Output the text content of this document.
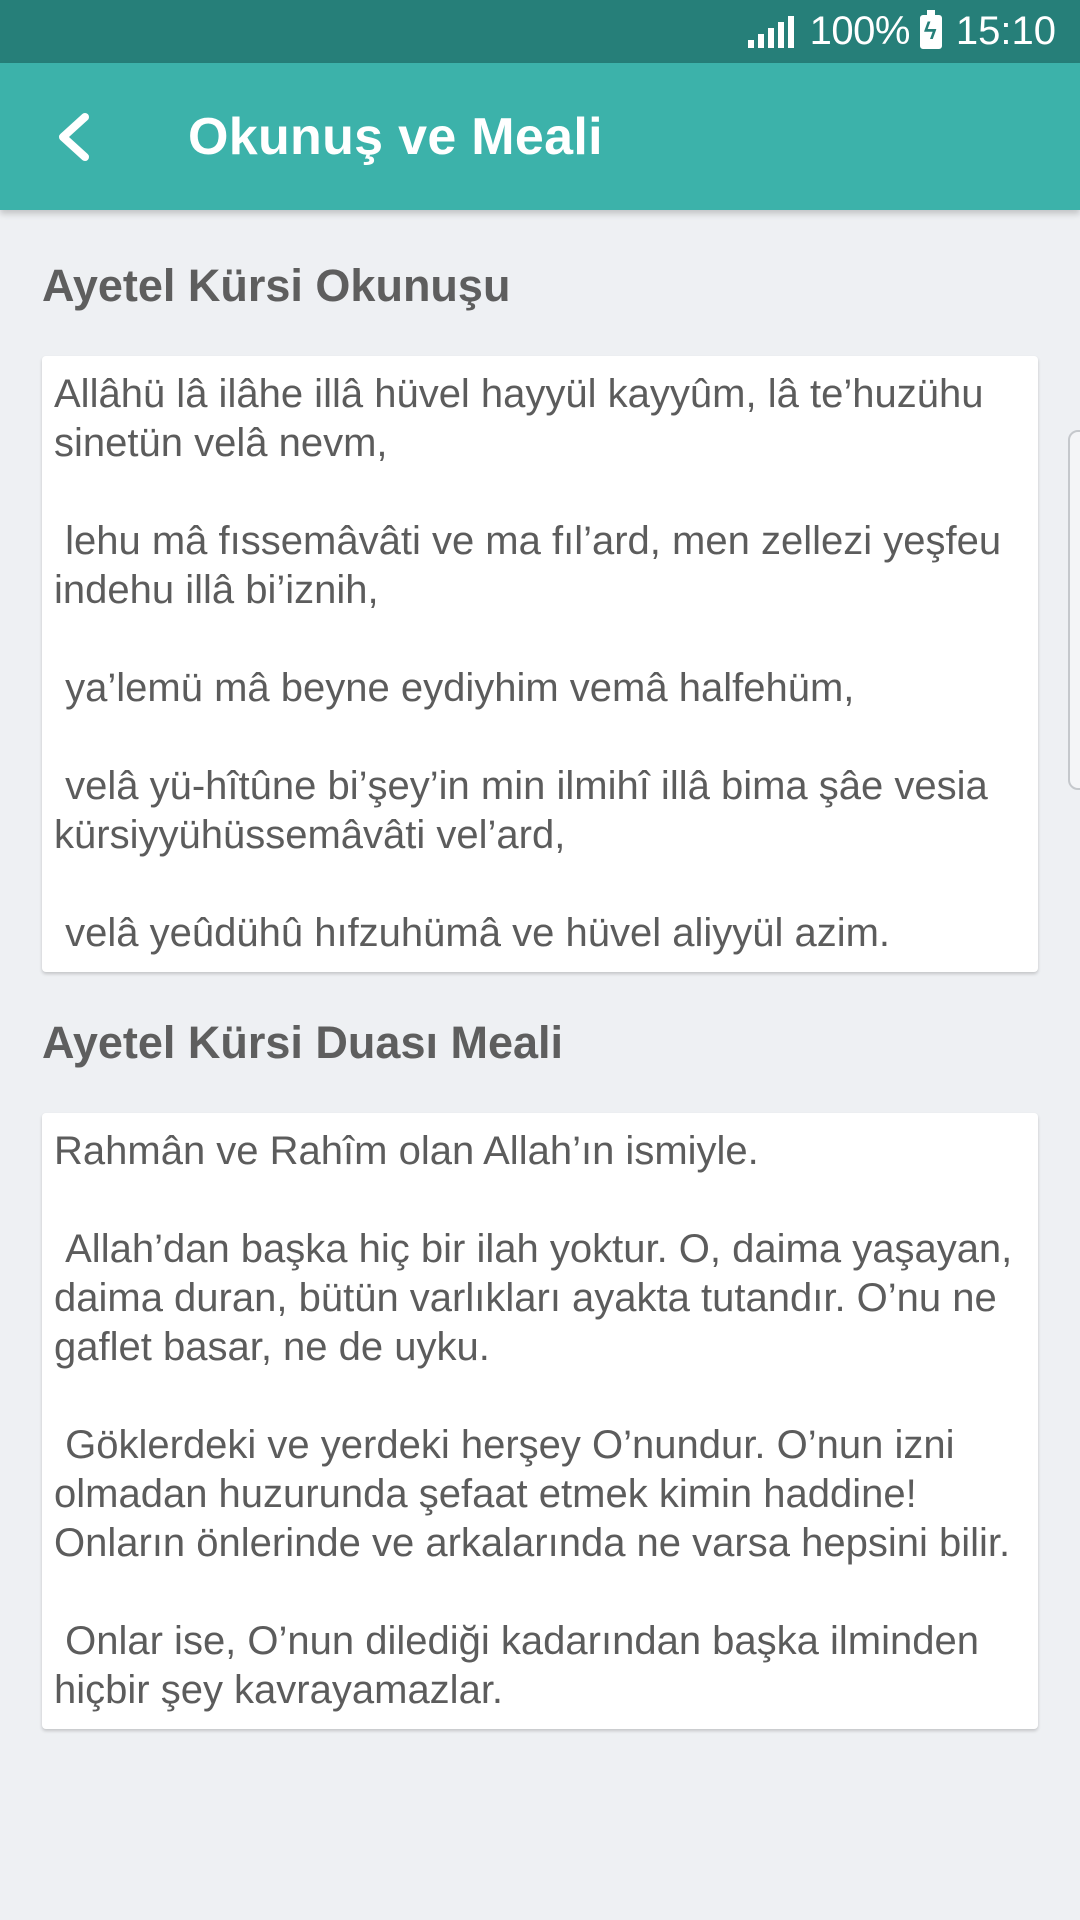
100% ϟ 15:10
Okunuş ve Meali
Ayetel Kürsi Okunuşu

Allâhü lâ ilâhe illâ hüvel hayyül kayyûm, lâ te’huzühu sinetün velâ nevm,

lehu mâ fıssemâvâti ve ma fıl’ard, men zellezi yeşfeu indehu illâ bi’iznih,

ya’lemü mâ beyne eydiyhim vemâ halfehüm,

velâ yü-hîtûne bi’şey’in min ilmihî illâ bima şâe vesia kürsiyyühüssemâvâti vel’ard,

velâ yeûdühû hıfzuhümâ ve hüvel aliyyül azim.

Ayetel Kürsi Duası Meali

Rahmân ve Rahîm olan Allah’ın ismiyle.

Allah’dan başka hiç bir ilah yoktur. O, daima yaşayan, daima duran, bütün varlıkları ayakta tutandır. O’nu ne gaflet basar, ne de uyku.

Göklerdeki ve yerdeki herşey O’nundur. O’nun izni olmadan huzurunda şefaat etmek kimin haddine! Onların önlerinde ve arkalarında ne varsa hepsini bilir.

Onlar ise, O’nun dilediği kadarından başka ilminden hiçbir şey kavrayamazlar.
